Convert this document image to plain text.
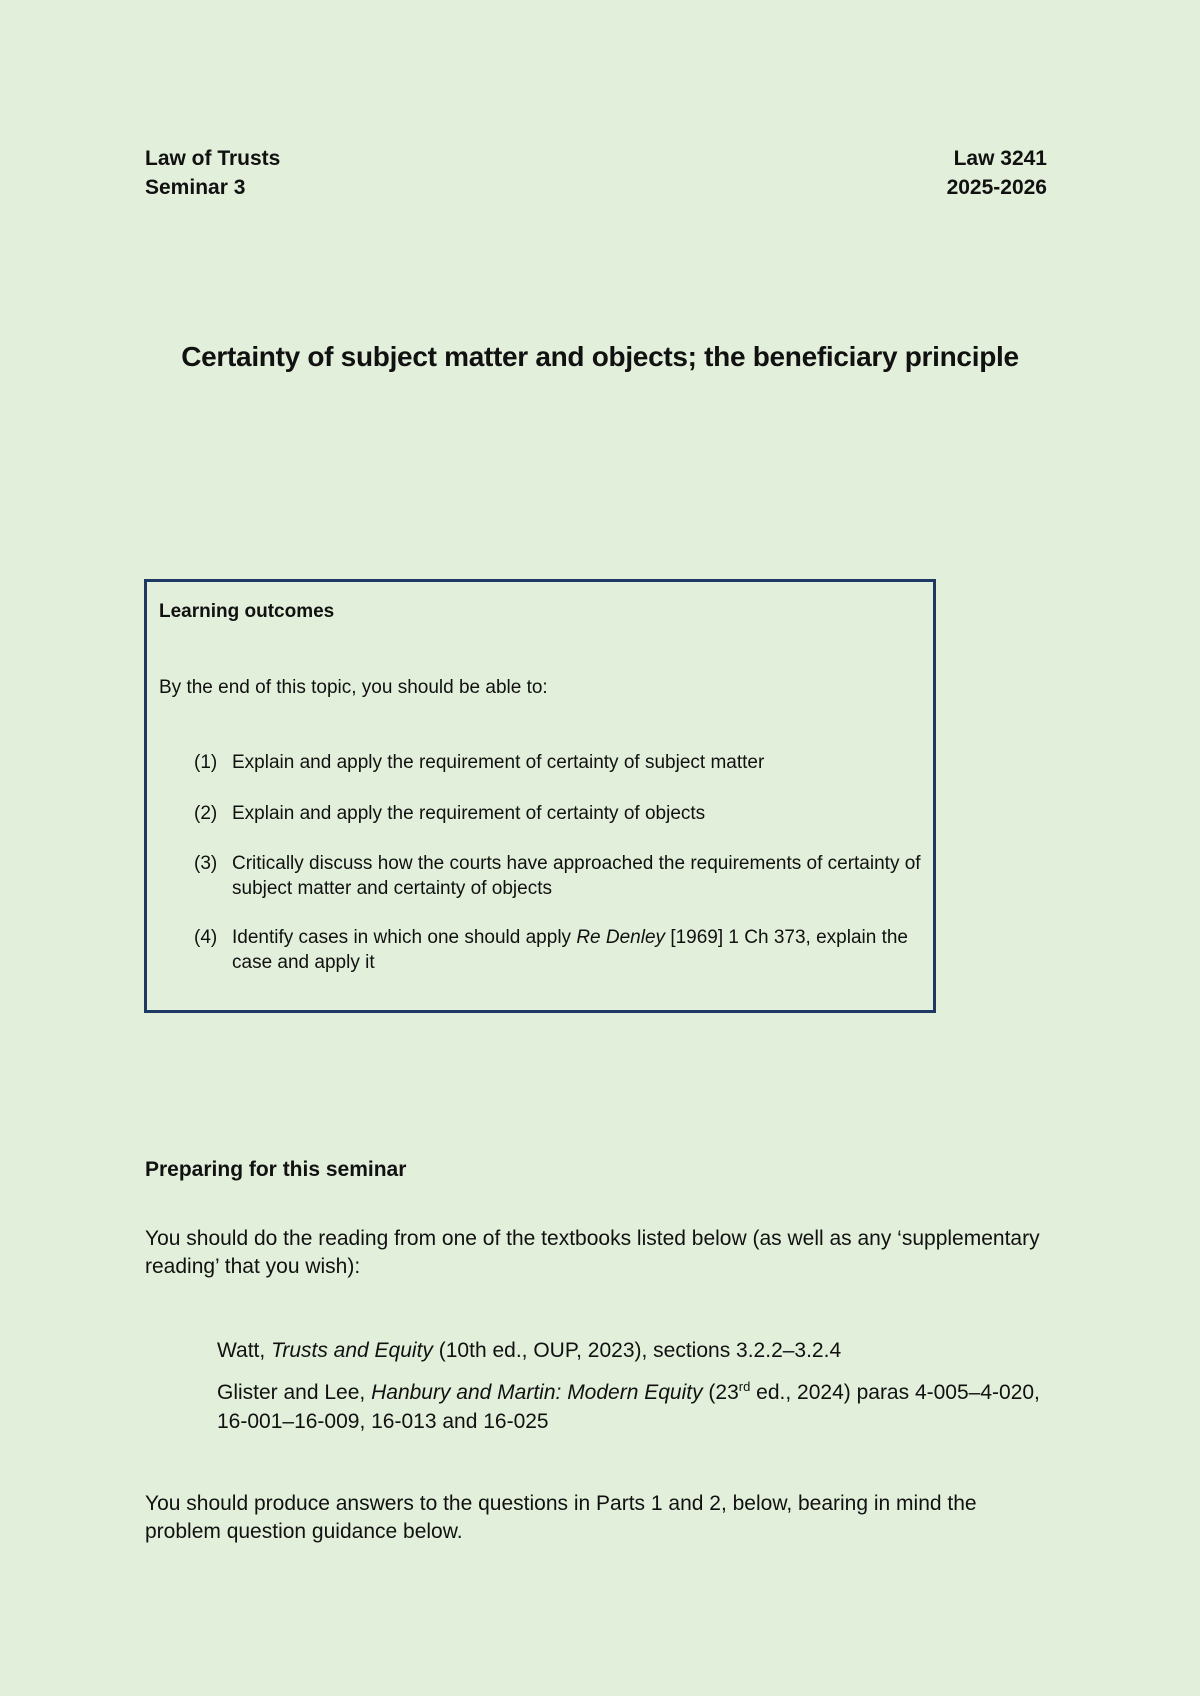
Law of Trusts
Seminar 3
Law 3241
2025-2026
Certainty of subject matter and objects; the beneficiary principle
Learning outcomes
By the end of this topic, you should be able to:
(1) Explain and apply the requirement of certainty of subject matter
(2) Explain and apply the requirement of certainty of objects
(3) Critically discuss how the courts have approached the requirements of certainty of subject matter and certainty of objects
(4) Identify cases in which one should apply Re Denley [1969] 1 Ch 373, explain the case and apply it
Preparing for this seminar
You should do the reading from one of the textbooks listed below (as well as any ‘supplementary reading’ that you wish):
Watt, Trusts and Equity (10th ed., OUP, 2023), sections 3.2.2–3.2.4
Glister and Lee, Hanbury and Martin: Modern Equity (23rd ed., 2024) paras 4-005–4-020, 16-001–16-009, 16-013 and 16-025
You should produce answers to the questions in Parts 1 and 2, below, bearing in mind the problem question guidance below.
